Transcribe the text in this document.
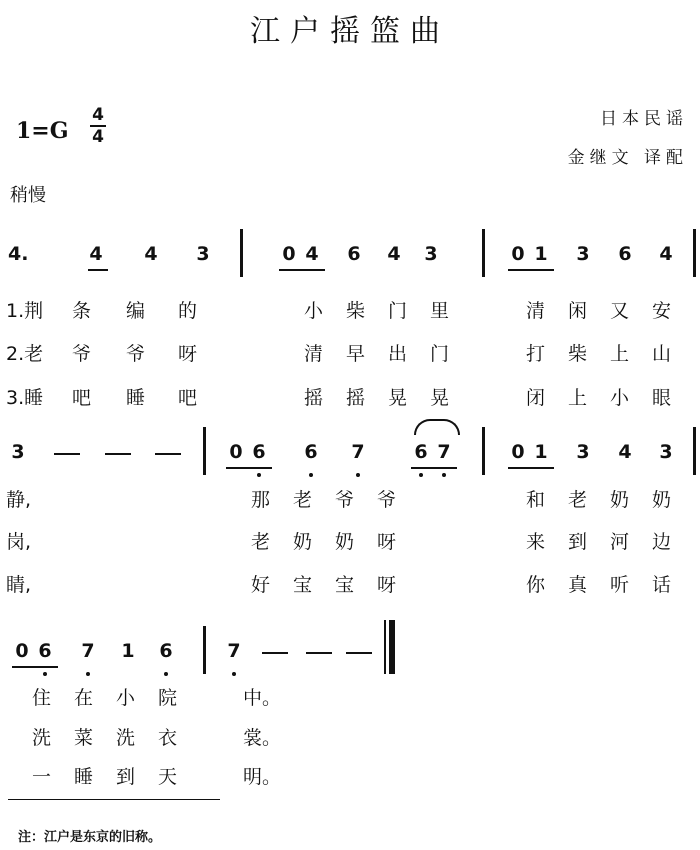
江户摇篮曲
1=G
4
4
日本民谣
金继文 译配
稍慢
4.	4 4 3	0 4 6 4 3	0 1 3 6 4
1.荆 条 编 的	小 柴 门 里	清 闲 又 安
2.老 爷 爷 呀	清 早 出 门	打 柴 上 山
3.睡 吧 睡 吧	摇 摇 晃 晃	闭 上 小 眼
3	0 6 6 7	6 7	0 1 3 4 3
静,	那 老 爷 爷	和 老 奶 奶
岗,	老 奶 奶 呀	来 到 河 边
睛,	好 宝 宝 呀	你 真 听 话
0 6 7 1 6	7
住 在 小 院	中。
洗 菜 洗 衣	裳。
一 睡 到 天	明。
注：江户是东京的旧称。
